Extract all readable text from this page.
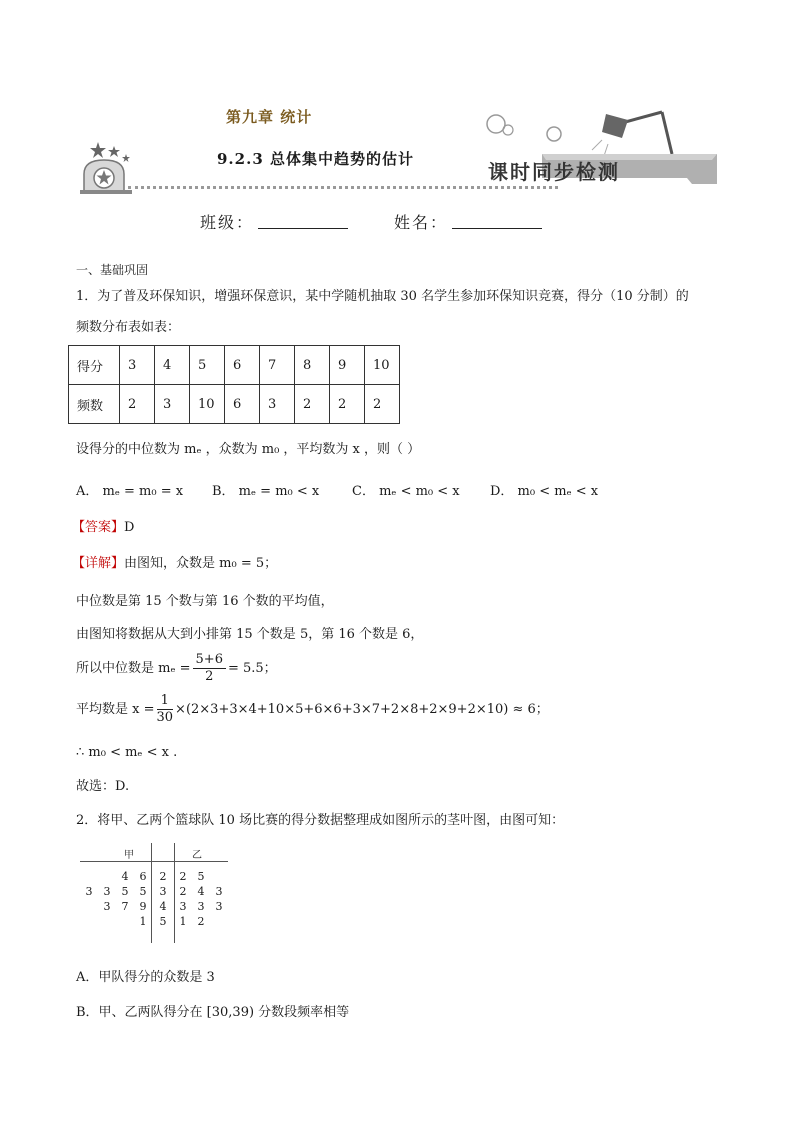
课时同步检测
第九章 统计
9.2.3 总体集中趋势的估计
班级：	姓名：
一、基础巩固
1．为了普及环保知识，增强环保意识，某中学随机抽取 30 名学生参加环保知识竞赛，得分（10 分制）的
频数分布表如表：
得分	3	4	5	6	7	8	9	10
频数	2	3	10	6	3	2	2	2
设得分的中位数为 mₑ ，众数为 m₀ ，平均数为 x ，则（ ）
A． mₑ = m₀ = x B． mₑ = m₀ < x	C． mₑ < m₀ < x D． m₀ < mₑ < x
【答案】D
【详解】由图知，众数是 m₀ = 5；
中位数是第 15 个数与第 16 个数的平均值，
由图知将数据从大到小排第 15 个数是 5，第 16 个数是 6，
所以中位数是 $m_e = \frac{5+6}{2} = 5.5$；
平均数是 $x = \frac{1}{30} \times(2\times 3+3\times 4+10\times 5+6\times 6+3\times 7+2\times 8+2\times 9+2\times 10) \approx 6$；
∴ m₀ < mₑ < x .
故选：D.
2．将甲、乙两个篮球队 10 场比赛的得分数据整理成如图所示的茎叶图，由图可知：
甲	乙
		4	6	2	2	5	
3	3	5	5	3	2	4	3
	3	7	9	4	3	3	3
			1	5	1	2	
A．甲队得分的众数是 3
B．甲、乙两队得分在 [30,39) 分数段频率相等
